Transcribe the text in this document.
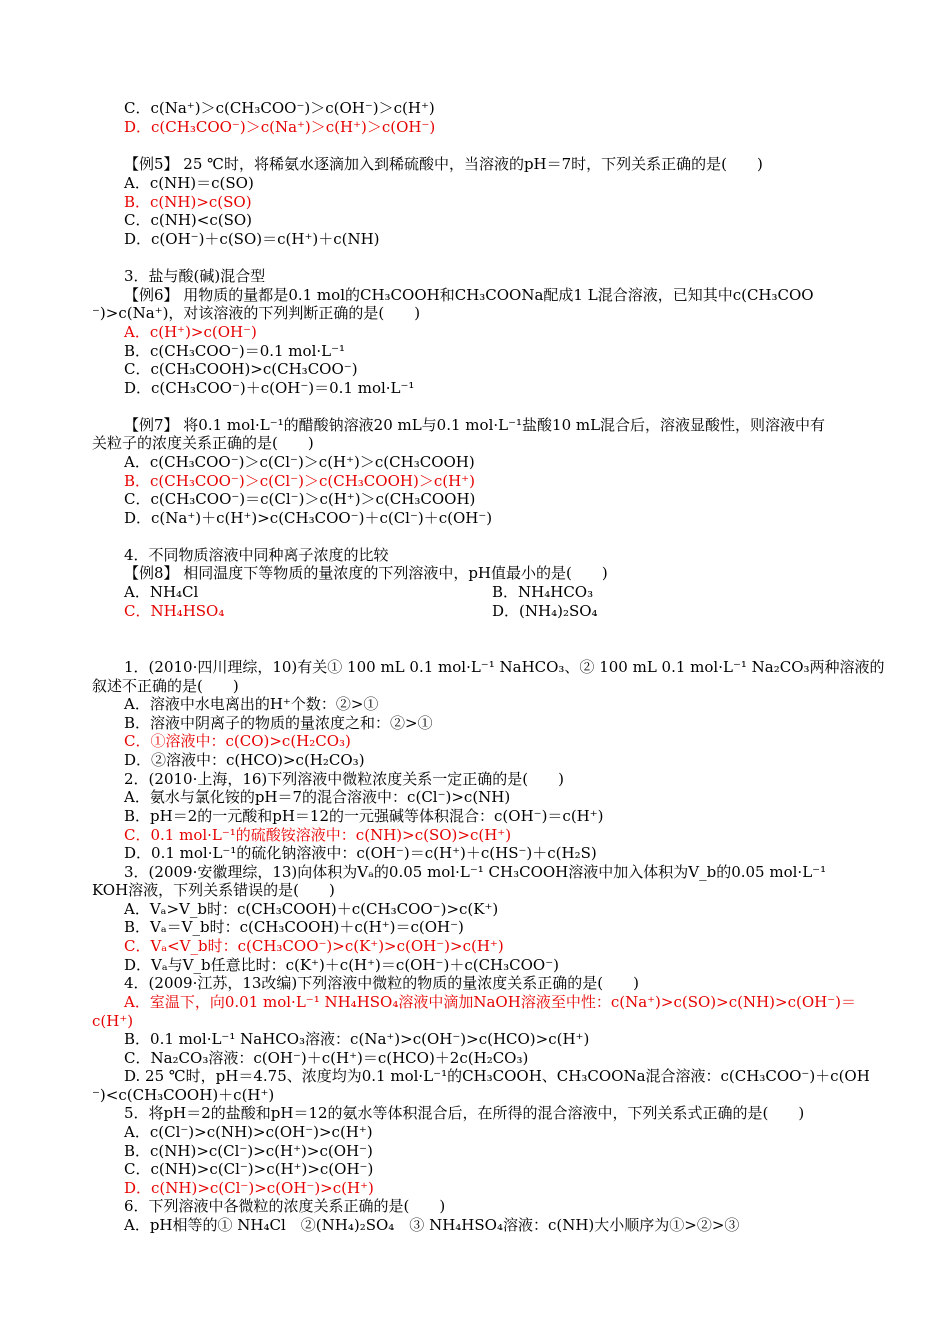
C．c(Na⁺)＞c(CH₃COO⁻)＞c(OH⁻)＞c(H⁺)
D．c(CH₃COO⁻)＞c(Na⁺)＞c(H⁺)＞c(OH⁻)
【例5】 25 ℃时，将稀氨水逐滴加入到稀硫酸中，当溶液的pH＝7时，下列关系正确的是(　　)
A．c(NH)＝c(SO)
B．c(NH)>c(SO)
C．c(NH)<c(SO)
D．c(OH⁻)＋c(SO)＝c(H⁺)＋c(NH)
3．盐与酸(碱)混合型
【例6】 用物质的量都是0.1 mol的CH₃COOH和CH₃COONa配成1 L混合溶液，已知其中c(CH₃COO
⁻)>c(Na⁺)，对该溶液的下列判断正确的是(　　)
A．c(H⁺)>c(OH⁻)
B．c(CH₃COO⁻)＝0.1 mol·L⁻¹
C．c(CH₃COOH)>c(CH₃COO⁻)
D．c(CH₃COO⁻)＋c(OH⁻)＝0.1 mol·L⁻¹
【例7】 将0.1 mol·L⁻¹的醋酸钠溶液20 mL与0.1 mol·L⁻¹盐酸10 mL混合后，溶液显酸性，则溶液中有
关粒子的浓度关系正确的是(　　)
A．c(CH₃COO⁻)＞c(Cl⁻)＞c(H⁺)＞c(CH₃COOH)
B．c(CH₃COO⁻)＞c(Cl⁻)＞c(CH₃COOH)＞c(H⁺)
C．c(CH₃COO⁻)＝c(Cl⁻)＞c(H⁺)＞c(CH₃COOH)
D．c(Na⁺)＋c(H⁺)>c(CH₃COO⁻)＋c(Cl⁻)＋c(OH⁻)
4．不同物质溶液中同种离子浓度的比较
【例8】 相同温度下等物质的量浓度的下列溶液中，pH值最小的是(　　)
A．NH₄Cl	B．NH₄HCO₃
C．NH₄HSO₄	D．(NH₄)₂SO₄
1．(2010·四川理综，10)有关① 100 mL 0.1 mol·L⁻¹ NaHCO₃、② 100 mL 0.1 mol·L⁻¹ Na₂CO₃两种溶液的
叙述不正确的是(　　)
A．溶液中水电离出的H⁺个数：②>①
B．溶液中阴离子的物质的量浓度之和：②>①
C．①溶液中：c(CO)>c(H₂CO₃)
D．②溶液中：c(HCO)>c(H₂CO₃)
2．(2010·上海，16)下列溶液中微粒浓度关系一定正确的是(　　)
A．氨水与氯化铵的pH＝7的混合溶液中：c(Cl⁻)>c(NH)
B．pH＝2的一元酸和pH＝12的一元强碱等体积混合：c(OH⁻)＝c(H⁺)
C．0.1 mol·L⁻¹的硫酸铵溶液中：c(NH)>c(SO)>c(H⁺)
D．0.1 mol·L⁻¹的硫化钠溶液中：c(OH⁻)＝c(H⁺)＋c(HS⁻)＋c(H₂S)
3．(2009·安徽理综，13)向体积为Vₐ的0.05 mol·L⁻¹ CH₃COOH溶液中加入体积为V_b的0.05 mol·L⁻¹
KOH溶液，下列关系错误的是(　　)
A．Vₐ>V_b时：c(CH₃COOH)＋c(CH₃COO⁻)>c(K⁺)
B．Vₐ＝V_b时：c(CH₃COOH)＋c(H⁺)＝c(OH⁻)
C．Vₐ<V_b时：c(CH₃COO⁻)>c(K⁺)>c(OH⁻)>c(H⁺)
D．Vₐ与V_b任意比时：c(K⁺)＋c(H⁺)＝c(OH⁻)＋c(CH₃COO⁻)
4．(2009·江苏，13改编)下列溶液中微粒的物质的量浓度关系正确的是(　　)
A．室温下，向0.01 mol·L⁻¹ NH₄HSO₄溶液中滴加NaOH溶液至中性：c(Na⁺)>c(SO)>c(NH)>c(OH⁻)＝
c(H⁺)
B．0.1 mol·L⁻¹ NaHCO₃溶液：c(Na⁺)>c(OH⁻)>c(HCO)>c(H⁺)
C．Na₂CO₃溶液：c(OH⁻)＋c(H⁺)＝c(HCO)＋2c(H₂CO₃)
D. 25 ℃时，pH＝4.75、浓度均为0.1 mol·L⁻¹的CH₃COOH、CH₃COONa混合溶液：c(CH₃COO⁻)＋c(OH
⁻)<c(CH₃COOH)＋c(H⁺)
5．将pH＝2的盐酸和pH＝12的氨水等体积混合后，在所得的混合溶液中，下列关系式正确的是(　　)
A．c(Cl⁻)>c(NH)>c(OH⁻)>c(H⁺)
B．c(NH)>c(Cl⁻)>c(H⁺)>c(OH⁻)
C．c(NH)>c(Cl⁻)>c(H⁺)>c(OH⁻)
D．c(NH)>c(Cl⁻)>c(OH⁻)>c(H⁺)
6．下列溶液中各微粒的浓度关系正确的是(　　)
A．pH相等的① NH₄Cl　②(NH₄)₂SO₄　③ NH₄HSO₄溶液：c(NH)大小顺序为①>②>③
